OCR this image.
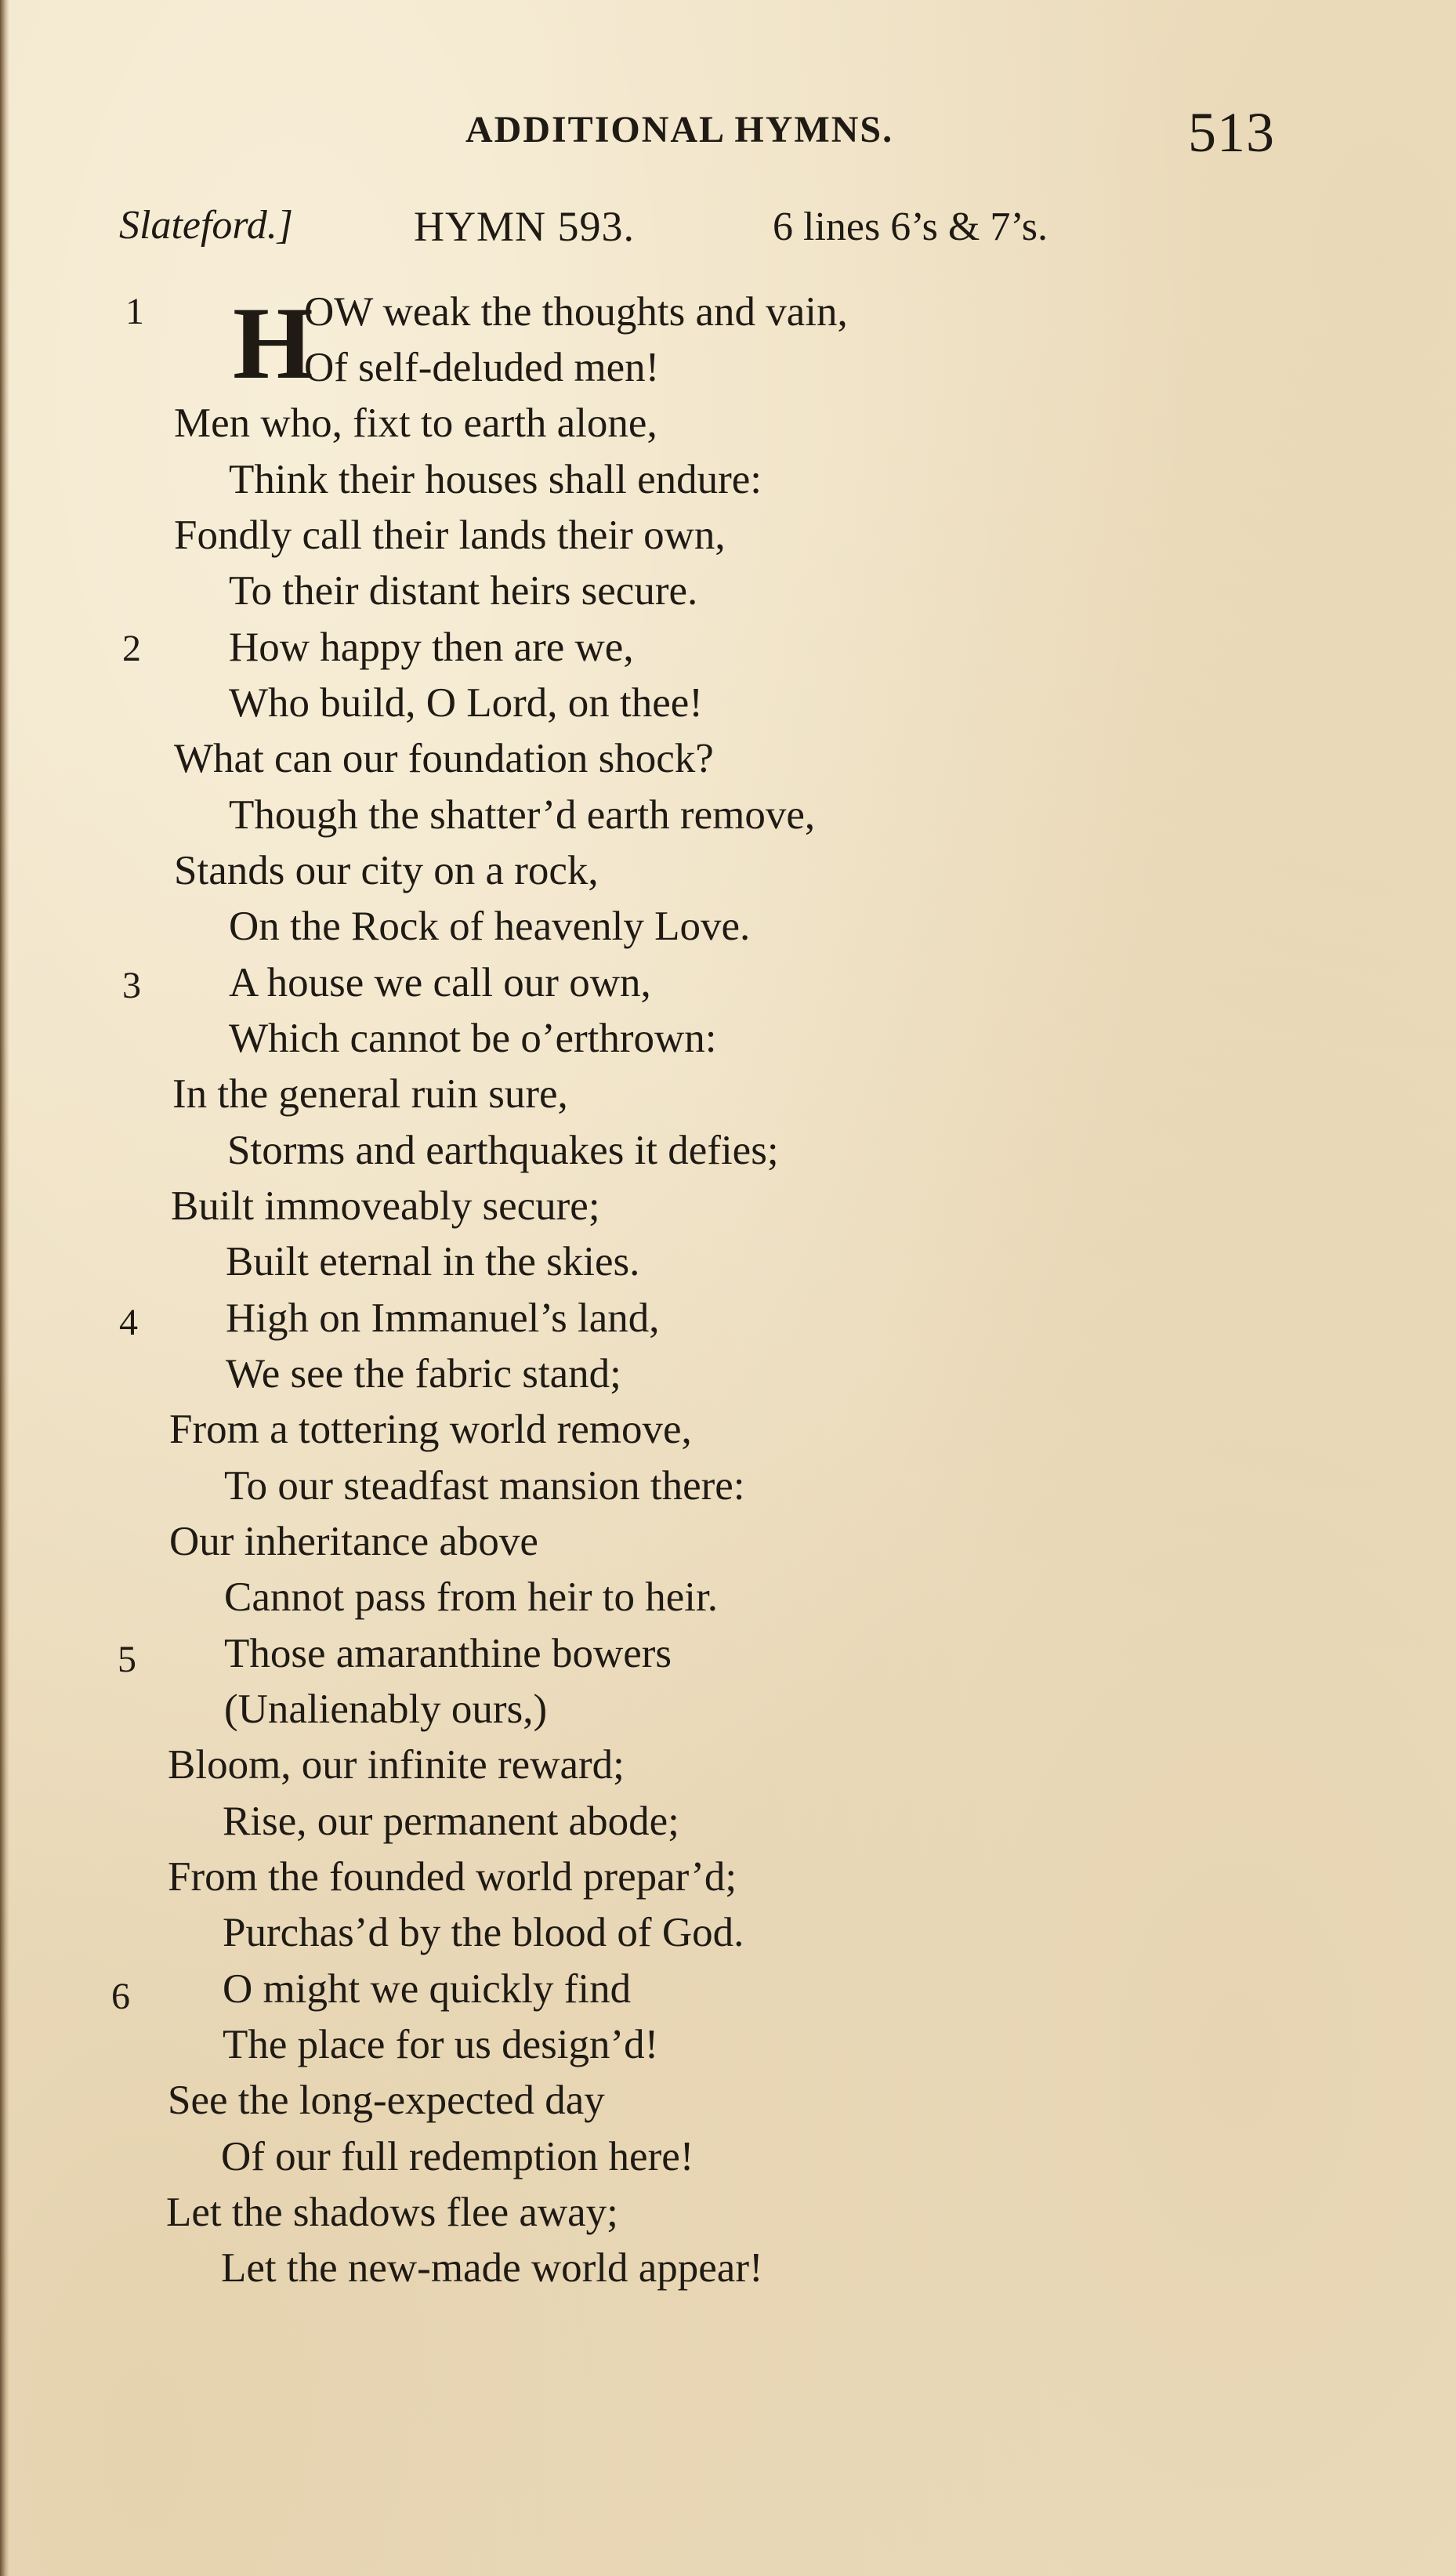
ADDITIONAL HYMNS.	513
Slateford.]	HYMN 593.	6 lines 6’s & 7’s.
1
2
3
4
5
6
H
OW weak the thoughts and vain,
Of self-deluded men!
Men who, fixt to earth alone,
Think their houses shall endure:
Fondly call their lands their own,
To their distant heirs secure.
How happy then are we,
Who build, O Lord, on thee!
What can our foundation shock?
Though the shatter’d earth remove,
Stands our city on a rock,
On the Rock of heavenly Love.
A house we call our own,
Which cannot be o’erthrown:
In the general ruin sure,
Storms and earthquakes it defies;
Built immoveably secure;
Built eternal in the skies.
High on Immanuel’s land,
We see the fabric stand;
From a tottering world remove,
To our steadfast mansion there:
Our inheritance above
Cannot pass from heir to heir.
Those amaranthine bowers
(Unalienably ours,)
Bloom, our infinite reward;
Rise, our permanent abode;
From the founded world prepar’d;
Purchas’d by the blood of God.
O might we quickly find
The place for us design’d!
See the long-expected day
Of our full redemption here!
Let the shadows flee away;
Let the new-made world appear!
